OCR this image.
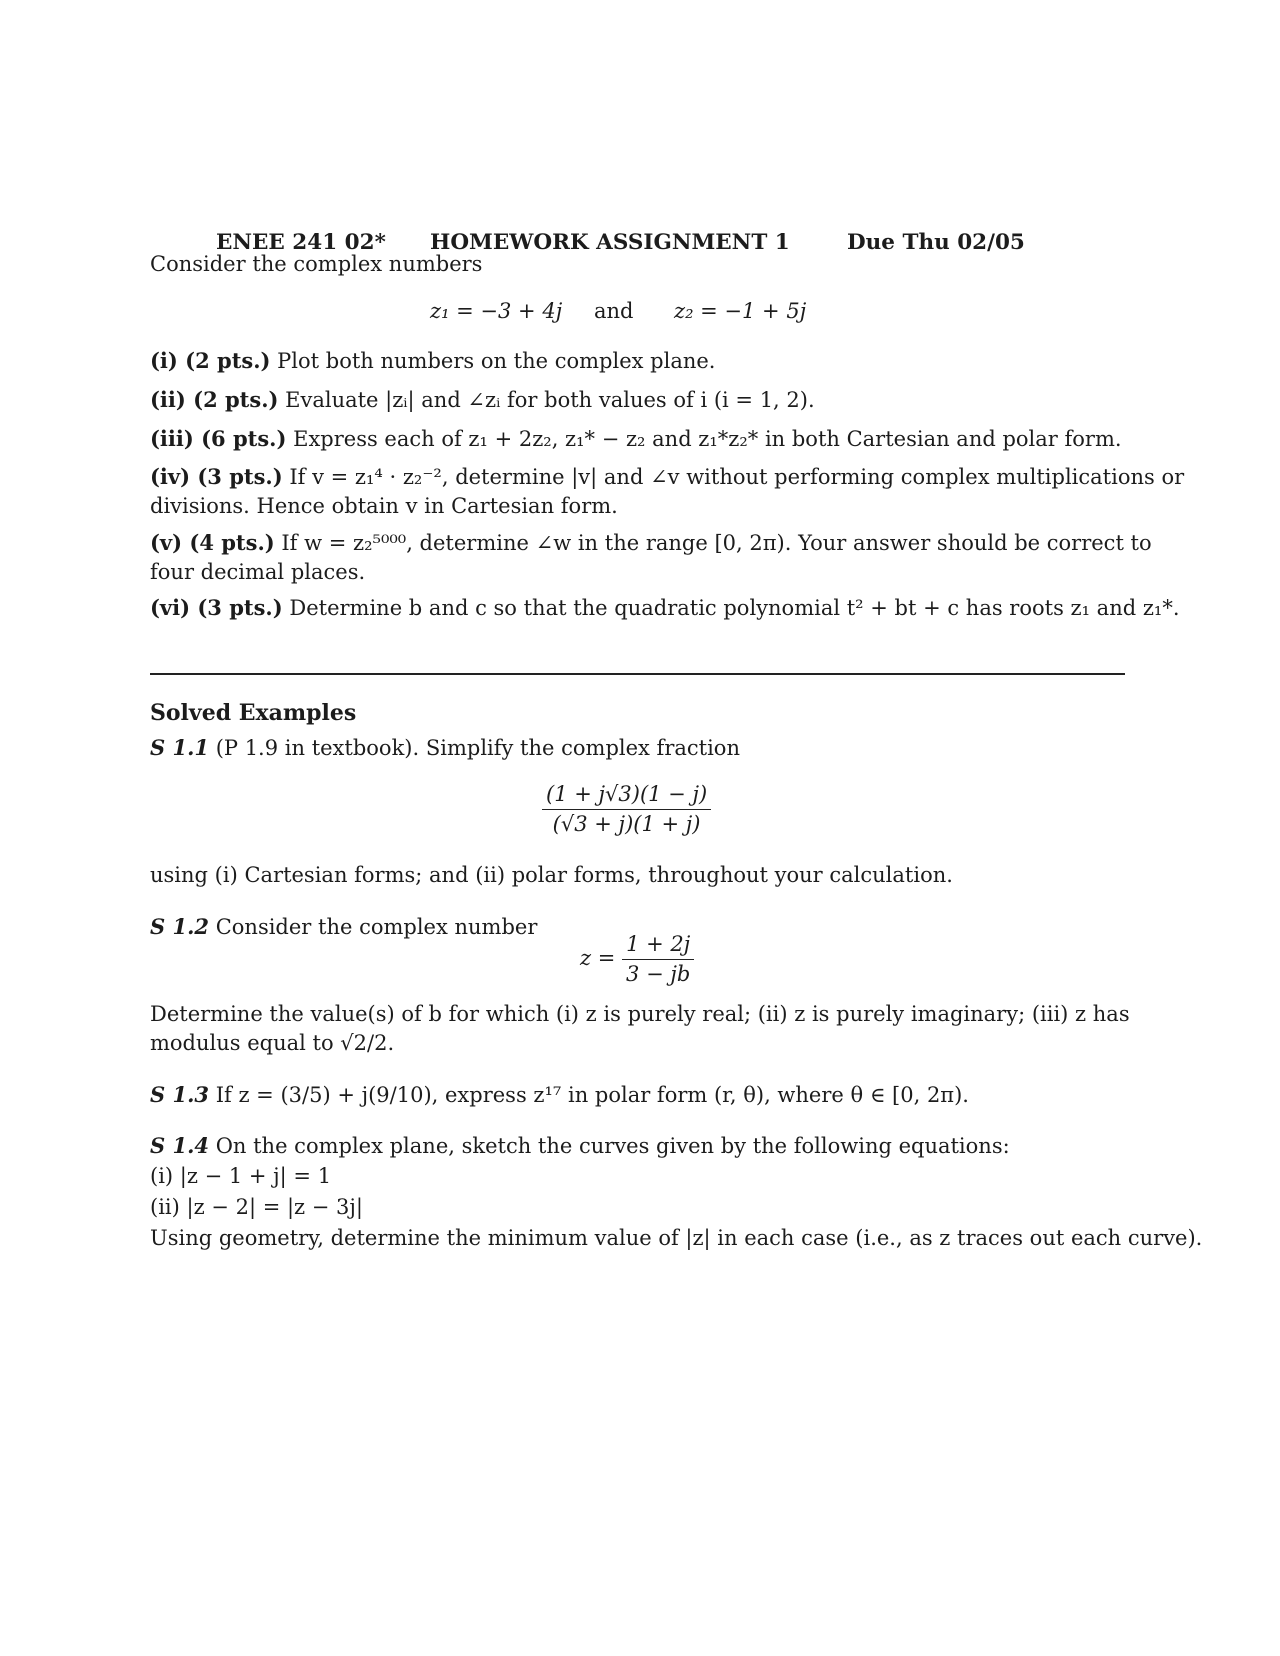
ENEE 241 02* HOMEWORK ASSIGNMENT 1	Due Thu 02/05
Consider the complex numbers
z₁ = −3 + 4j and z₂ = −1 + 5j
(i) (2 pts.) Plot both numbers on the complex plane.
(ii) (2 pts.) Evaluate |zᵢ| and ∠zᵢ for both values of i (i = 1, 2).
(iii) (6 pts.) Express each of z₁ + 2z₂, z₁* − z₂ and z₁*z₂* in both Cartesian and polar form.
(iv) (3 pts.) If v = z₁⁴ · z₂⁻², determine |v| and ∠v without performing complex multiplications or
divisions. Hence obtain v in Cartesian form.
(v) (4 pts.) If w = z₂⁵⁰⁰⁰, determine ∠w in the range [0, 2π). Your answer should be correct to
four decimal places.
(vi) (3 pts.) Determine b and c so that the quadratic polynomial t² + bt + c has roots z₁ and z₁*.
Solved Examples
S 1.1 (P 1.9 in textbook). Simplify the complex fraction
$\frac{(1 + j√3)(1 - j)}{(√3 + j)(1 + j)}$
using (i) Cartesian forms; and (ii) polar forms, throughout your calculation.
S 1.2 Consider the complex number
$z = \frac{1 + 2j}{3 - jb}$
Determine the value(s) of b for which (i) z is purely real; (ii) z is purely imaginary; (iii) z has
modulus equal to √2/2.
S 1.3 If z = (3/5) + j(9/10), express z¹⁷ in polar form (r, θ), where θ ∈ [0, 2π).
S 1.4 On the complex plane, sketch the curves given by the following equations:
(i) |z − 1 + j| = 1
(ii) |z − 2| = |z − 3j|
Using geometry, determine the minimum value of |z| in each case (i.e., as z traces out each curve).
